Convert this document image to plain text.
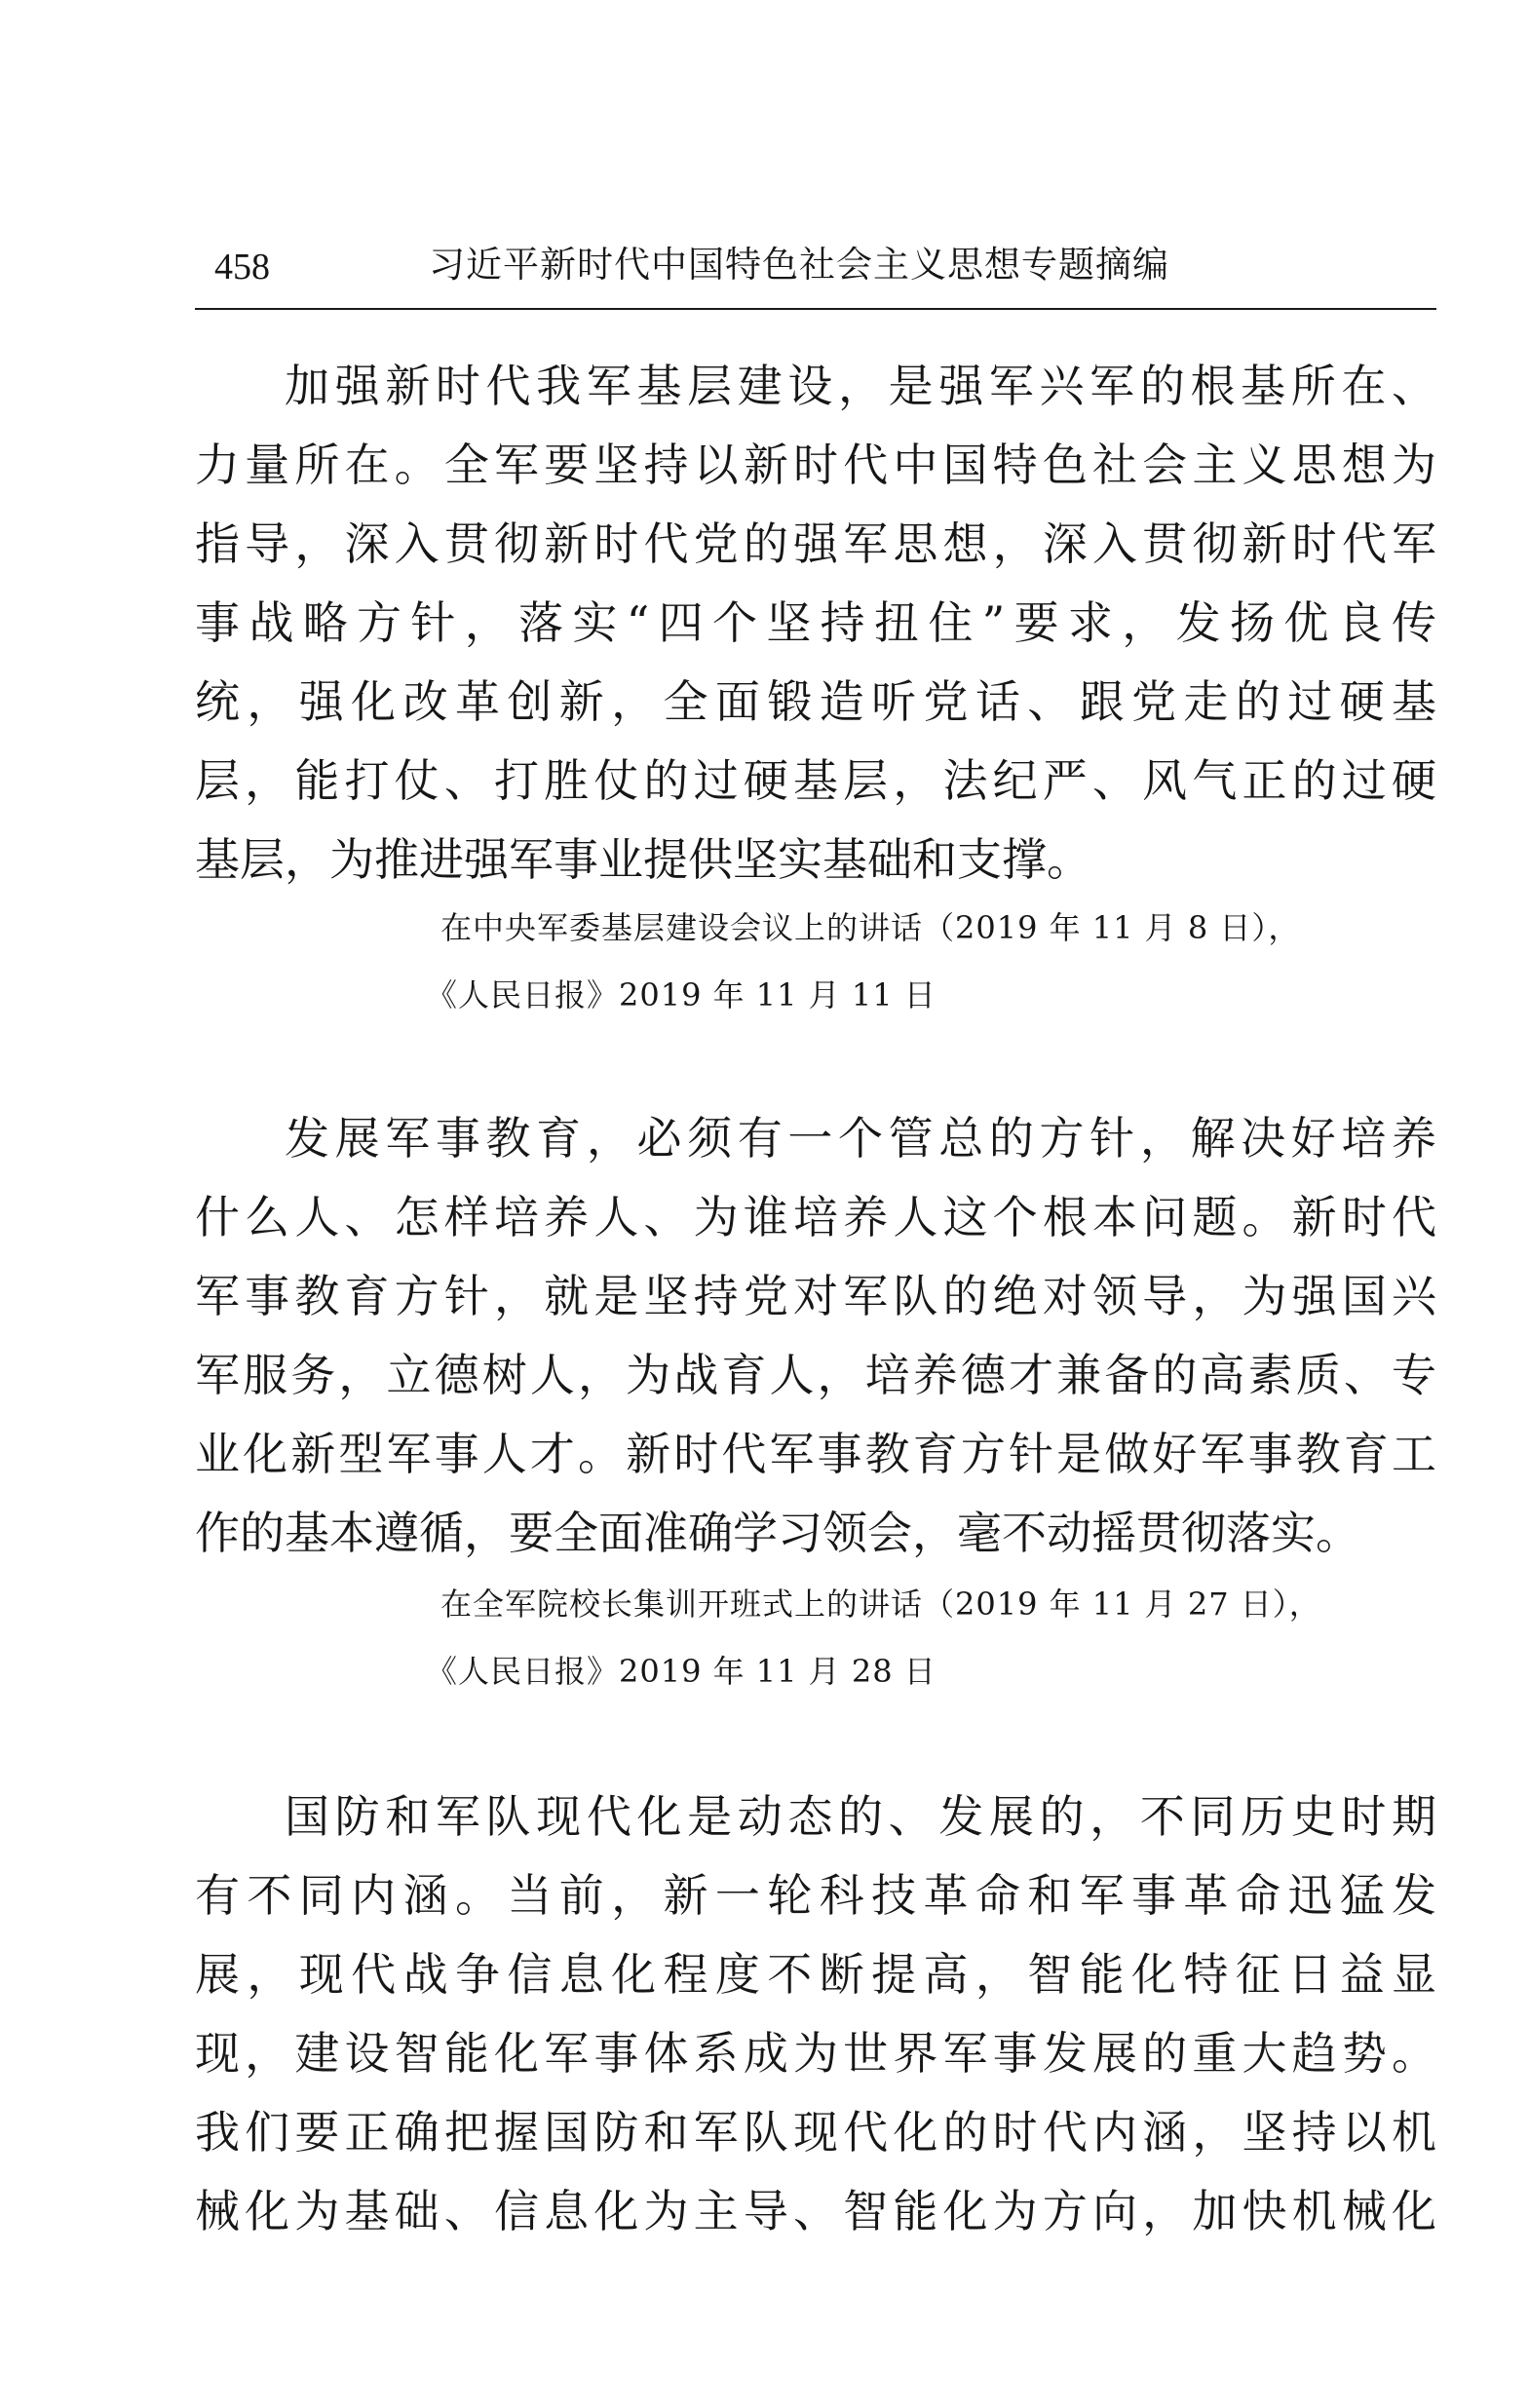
458	习近平新时代中国特色社会主义思想专题摘编
加强新时代我军基层建设，是强军兴军的根基所在、
力量所在。全军要坚持以新时代中国特色社会主义思想为
指导，深入贯彻新时代党的强军思想，深入贯彻新时代军
事战略方针，落实“四个坚持扭住”要求，发扬优良传
统，强化改革创新，全面锻造听党话、跟党走的过硬基
层，能打仗、打胜仗的过硬基层，法纪严、风气正的过硬
基层，为推进强军事业提供坚实基础和支撑。
在中央军委基层建设会议上的讲话（2019 年 11 月 8 日），
《人民日报》2019 年 11 月 11 日
发展军事教育，必须有一个管总的方针，解决好培养
什么人、怎样培养人、为谁培养人这个根本问题。新时代
军事教育方针，就是坚持党对军队的绝对领导，为强国兴
军服务，立德树人，为战育人，培养德才兼备的高素质、专
业化新型军事人才。新时代军事教育方针是做好军事教育工
作的基本遵循，要全面准确学习领会，毫不动摇贯彻落实。
在全军院校长集训开班式上的讲话（2019 年 11 月 27 日），
《人民日报》2019 年 11 月 28 日
国防和军队现代化是动态的、发展的，不同历史时期
有不同内涵。当前，新一轮科技革命和军事革命迅猛发
展，现代战争信息化程度不断提高，智能化特征日益显
现，建设智能化军事体系成为世界军事发展的重大趋势。
我们要正确把握国防和军队现代化的时代内涵，坚持以机
械化为基础、信息化为主导、智能化为方向，加快机械化
